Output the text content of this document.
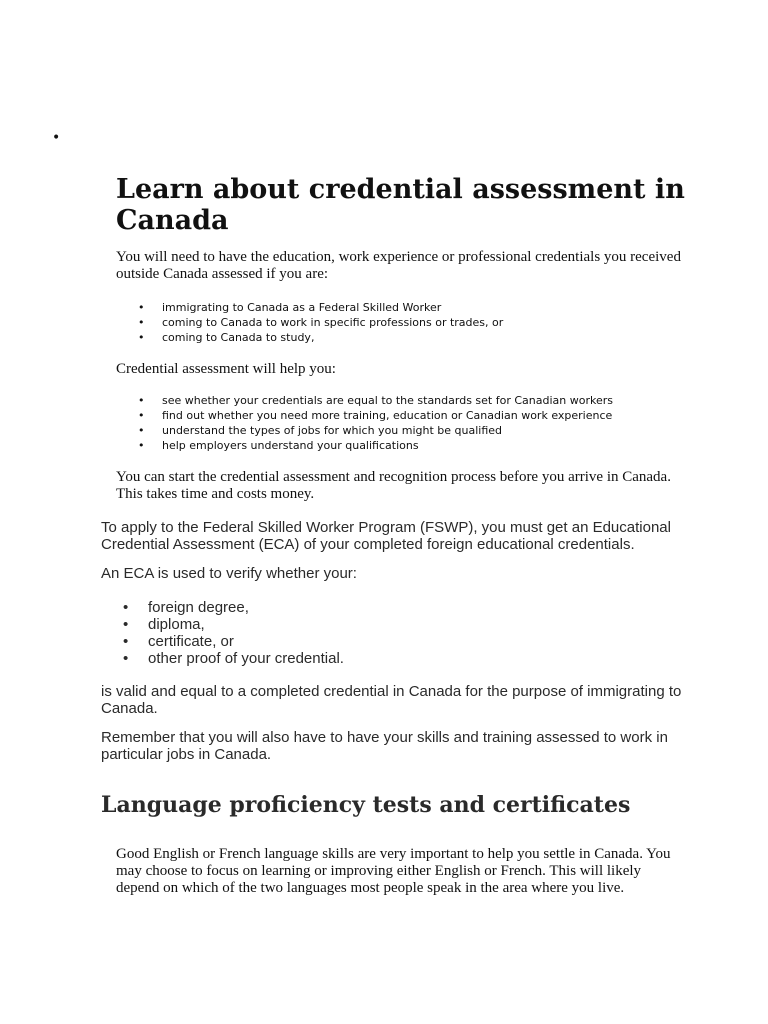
•
Learn about credential assessment in Canada

You will need to have the education, work experience or professional credentials you received outside Canada assessed if you are:

• immigrating to Canada as a Federal Skilled Worker
• coming to Canada to work in specific professions or trades, or
• coming to Canada to study,

Credential assessment will help you:

• see whether your credentials are equal to the standards set for Canadian workers
• find out whether you need more training, education or Canadian work experience
• understand the types of jobs for which you might be qualified
• help employers understand your qualifications

You can start the credential assessment and recognition process before you arrive in Canada. This takes time and costs money.

To apply to the Federal Skilled Worker Program (FSWP), you must get an Educational Credential Assessment (ECA) of your completed foreign educational credentials.

An ECA is used to verify whether your:

• foreign degree,
• diploma,
• certificate, or
• other proof of your credential.

is valid and equal to a completed credential in Canada for the purpose of immigrating to Canada.

Remember that you will also have to have your skills and training assessed to work in particular jobs in Canada.

Language proficiency tests and certificates

Good English or French language skills are very important to help you settle in Canada. You may choose to focus on learning or improving either English or French. This will likely depend on which of the two languages most people speak in the area where you live.
